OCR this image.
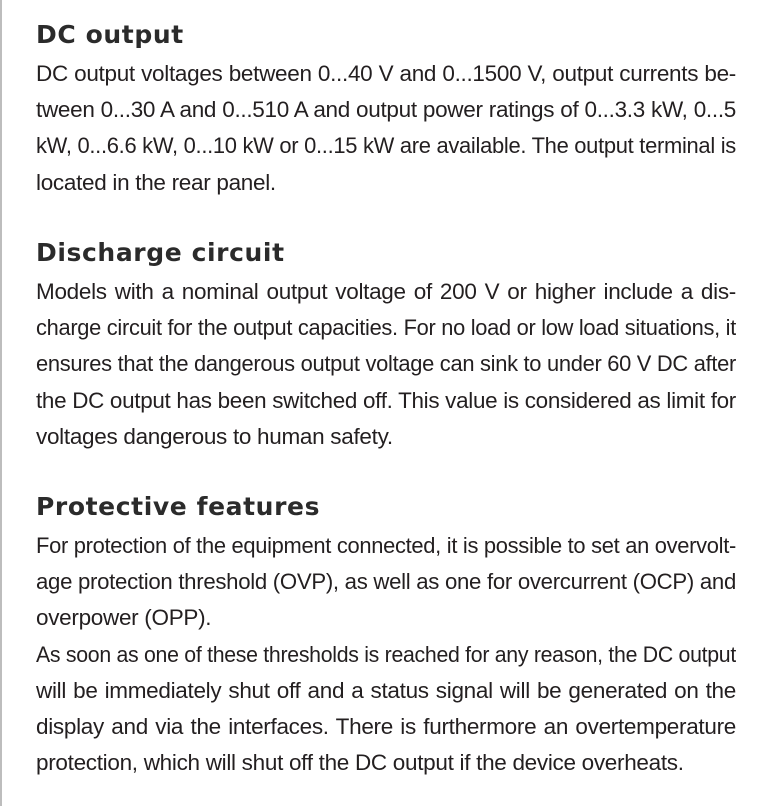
DC output

DC output voltages between 0...40 V and 0...1500 V, output currents be-
tween 0...30 A and 0...510 A and output power ratings of 0...3.3 kW, 0...5
kW, 0...6.6 kW, 0...10 kW or 0...15 kW are available. The output terminal is
located in the rear panel.

Discharge circuit

Models with a nominal output voltage of 200 V or higher include a dis-
charge circuit for the output capacities. For no load or low load situations, it
ensures that the dangerous output voltage can sink to under 60 V DC after
the DC output has been switched off. This value is considered as limit for
voltages dangerous to human safety.

Protective features

For protection of the equipment connected, it is possible to set an overvolt-
age protection threshold (OVP), as well as one for overcurrent (OCP) and
overpower (OPP).
As soon as one of these thresholds is reached for any reason, the DC output
will be immediately shut off and a status signal will be generated on the
display and via the interfaces. There is furthermore an overtemperature
protection, which will shut off the DC output if the device overheats.
